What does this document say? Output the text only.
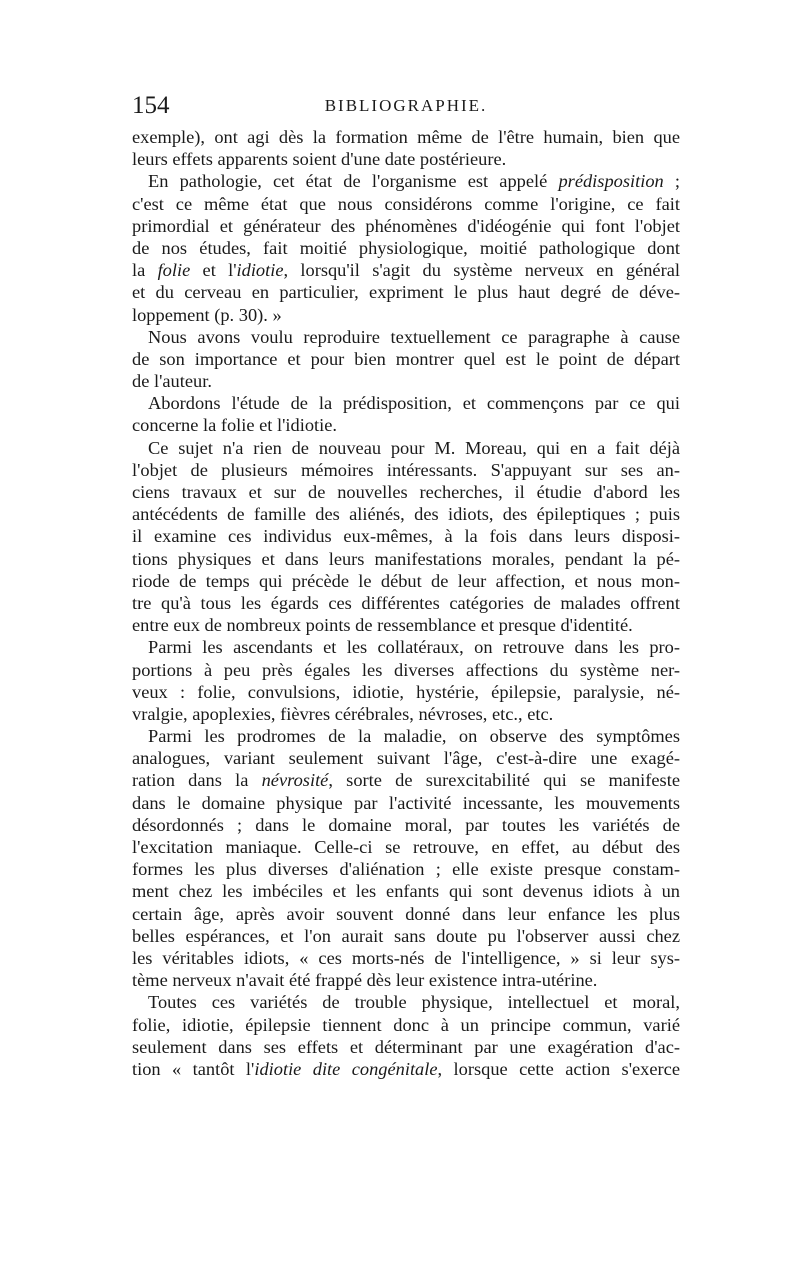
154	BIBLIOGRAPHIE.
exemple), ont agi dès la formation même de l'être humain, bien que
leurs effets apparents soient d'une date postérieure.
En pathologie, cet état de l'organisme est appelé prédisposition ;
c'est ce même état que nous considérons comme l'origine, ce fait
primordial et générateur des phénomènes d'idéogénie qui font l'objet
de nos études, fait moitié physiologique, moitié pathologique dont
la folie et l'idiotie, lorsqu'il s'agit du système nerveux en général
et du cerveau en particulier, expriment le plus haut degré de déve-
loppement (p. 30). »
Nous avons voulu reproduire textuellement ce paragraphe à cause
de son importance et pour bien montrer quel est le point de départ
de l'auteur.
Abordons l'étude de la prédisposition, et commençons par ce qui
concerne la folie et l'idiotie.
Ce sujet n'a rien de nouveau pour M. Moreau, qui en a fait déjà
l'objet de plusieurs mémoires intéressants. S'appuyant sur ses an-
ciens travaux et sur de nouvelles recherches, il étudie d'abord les
antécédents de famille des aliénés, des idiots, des épileptiques ; puis
il examine ces individus eux-mêmes, à la fois dans leurs disposi-
tions physiques et dans leurs manifestations morales, pendant la pé-
riode de temps qui précède le début de leur affection, et nous mon-
tre qu'à tous les égards ces différentes catégories de malades offrent
entre eux de nombreux points de ressemblance et presque d'identité.
Parmi les ascendants et les collatéraux, on retrouve dans les pro-
portions à peu près égales les diverses affections du système ner-
veux : folie, convulsions, idiotie, hystérie, épilepsie, paralysie, né-
vralgie, apoplexies, fièvres cérébrales, névroses, etc., etc.
Parmi les prodromes de la maladie, on observe des symptômes
analogues, variant seulement suivant l'âge, c'est-à-dire une exagé-
ration dans la névrosité, sorte de surexcitabilité qui se manifeste
dans le domaine physique par l'activité incessante, les mouvements
désordonnés ; dans le domaine moral, par toutes les variétés de
l'excitation maniaque. Celle-ci se retrouve, en effet, au début des
formes les plus diverses d'aliénation ; elle existe presque constam-
ment chez les imbéciles et les enfants qui sont devenus idiots à un
certain âge, après avoir souvent donné dans leur enfance les plus
belles espérances, et l'on aurait sans doute pu l'observer aussi chez
les véritables idiots, « ces morts-nés de l'intelligence, » si leur sys-
tème nerveux n'avait été frappé dès leur existence intra-utérine.
Toutes ces variétés de trouble physique, intellectuel et moral,
folie, idiotie, épilepsie tiennent donc à un principe commun, varié
seulement dans ses effets et déterminant par une exagération d'ac-
tion « tantôt l'idiotie dite congénitale, lorsque cette action s'exerce
